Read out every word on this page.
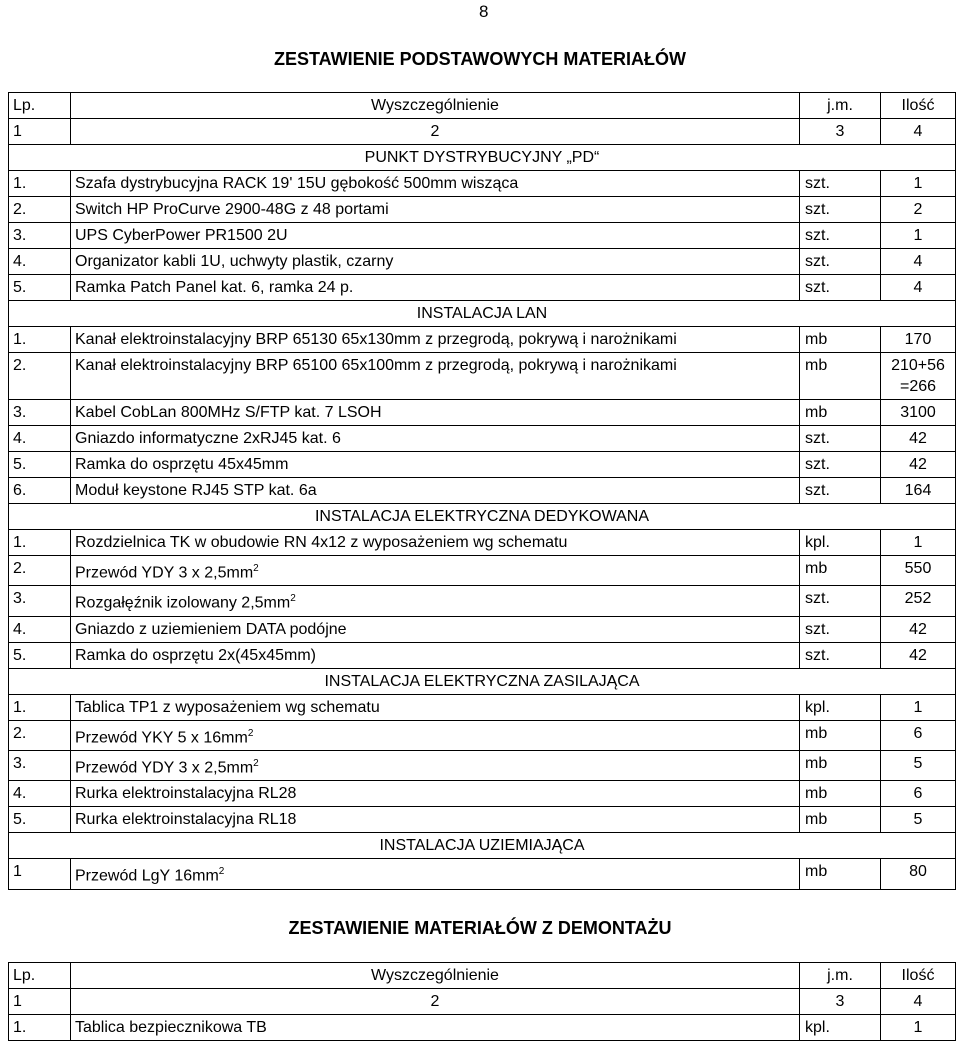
8
ZESTAWIENIE PODSTAWOWYCH MATERIAŁÓW
Lp.	Wyszczególnienie	j.m.	Ilość
1	2	3	4
PUNKT DYSTRYBUCYJNY „PD“			
1.	Szafa dystrybucyjna RACK 19' 15U gębokość 500mm wisząca	szt.	1
2.	Switch HP ProCurve 2900-48G z 48 portami	szt.	2
3.	UPS CyberPower PR1500 2U	szt.	1
4.	Organizator kabli 1U, uchwyty plastik, czarny	szt.	4
5.	Ramka Patch Panel kat. 6, ramka 24 p.	szt.	4
INSTALACJA LAN			
1.	Kanał elektroinstalacyjny BRP 65130 65x130mm z przegrodą, pokrywą i narożnikami	mb	170
2.	Kanał elektroinstalacyjny BRP 65100 65x100mm z przegrodą, pokrywą i narożnikami	mb	210+56 =266
3.	Kabel CobLan 800MHz S/FTP kat. 7 LSOH	mb	3100
4.	Gniazdo informatyczne 2xRJ45 kat. 6	szt.	42
5.	Ramka do osprzętu 45x45mm	szt.	42
6.	Moduł keystone RJ45 STP kat. 6a	szt.	164
INSTALACJA ELEKTRYCZNA DEDYKOWANA			
1.	Rozdzielnica TK w obudowie RN 4x12 z wyposażeniem wg schematu	kpl.	1
2.	Przewód YDY 3 x $2,5mm^2$	mb	550
3.	Rozgałęźnik izolowany $2,5mm^2$	szt.	252
4.	Gniazdo z uziemieniem DATA podójne	szt.	42
5.	Ramka do osprzętu 2x(45x45mm)	szt.	42
INSTALACJA ELEKTRYCZNA ZASILAJĄCA			
1.	Tablica TP1 z wyposażeniem wg schematu	kpl.	1
2.	Przewód YKY 5 x $16mm^2$	mb	6
3.	Przewód YDY 3 x $2,5mm^2$	mb	5
4.	Rurka elektroinstalacyjna RL28	mb	6
5.	Rurka elektroinstalacyjna RL18	mb	5
INSTALACJA UZIEMIAJĄCA			
1	Przewód LgY $16mm^2$	mb	80
ZESTAWIENIE MATERIAŁÓW Z DEMONTAŻU
Lp.	Wyszczególnienie	j.m.	Ilość
1	2	3	4
1.	Tablica bezpiecznikowa TB	kpl.	1
